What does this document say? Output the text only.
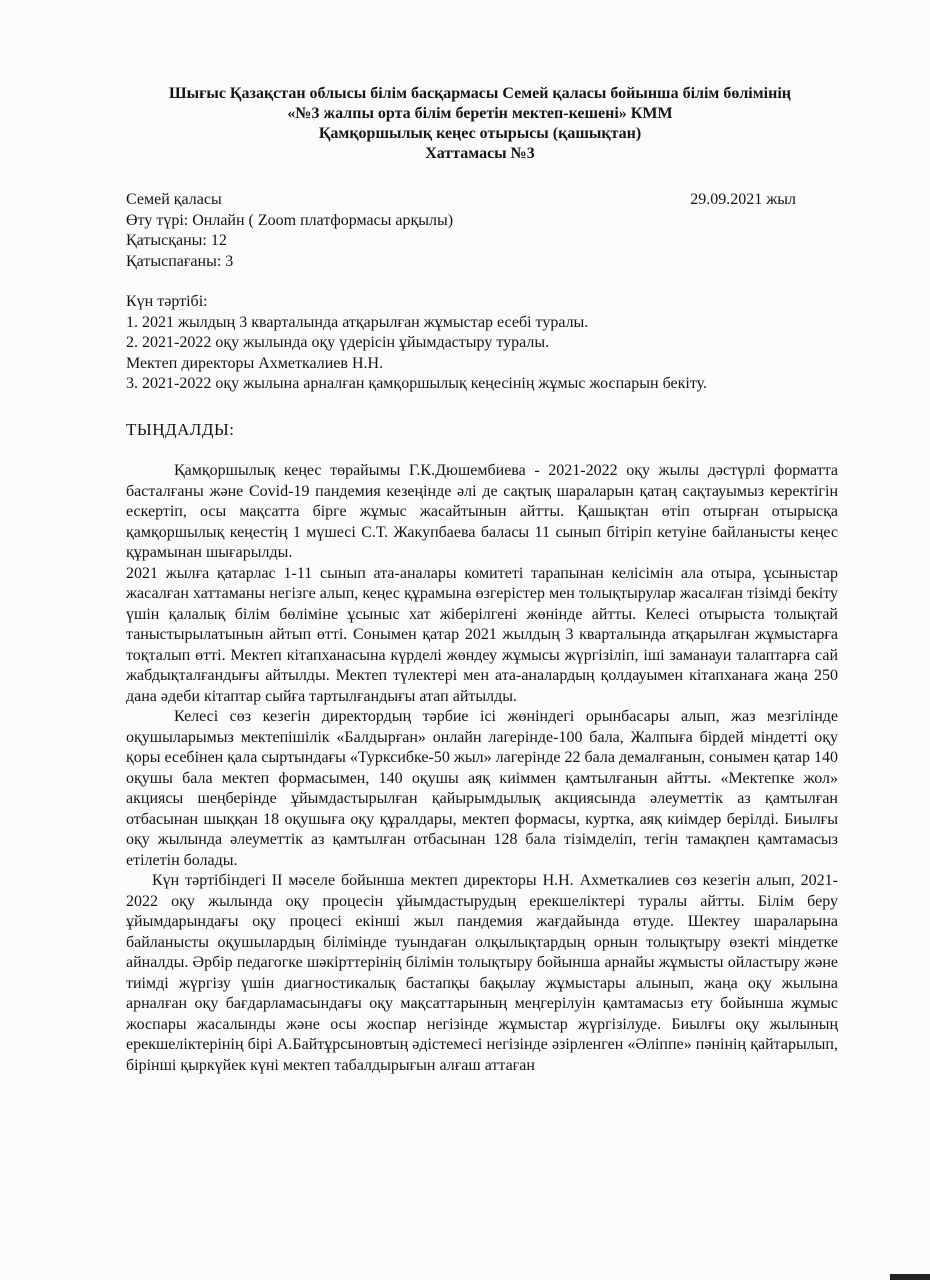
Шығыс Қазақстан облысы білім басқармасы Семей қаласы бойынша білім бөлімінің
«№3 жалпы орта білім беретін мектеп-кешені» КММ
Қамқоршылық кеңес отырысы (қашықтан)
Хаттамасы №3
Семей қаласы	29.09.2021 жыл
Өту түрі: Онлайн ( Zoom платформасы арқылы)
Қатысқаны: 12
Қатыспағаны: 3
Күн тәртібі:
1. 2021 жылдың 3 кварталында атқарылған жұмыстар есебі туралы.
2. 2021-2022 оқу жылында оқу үдерісін ұйымдастыру туралы.
Мектеп директоры Ахметкалиев Н.Н.
3. 2021-2022 оқу жылына арналған қамқоршылық кеңесінің жұмыс жоспарын бекіту.
ТЫҢДАЛДЫ:

Қамқоршылық кеңес төрайымы Г.К.Дюшембиева - 2021-2022 оқу жылы дәстүрлі форматта басталғаны және Covid-19 пандемия кезеңінде әлі де сақтық шараларын қатаң сақтауымыз керектігін ескертіп, осы мақсатта бірге жұмыс жасайтынын айтты. Қашықтан өтіп отырған отырысқа қамқоршылық кеңестің 1 мүшесі С.Т. Жакупбаева баласы 11 сынып бітіріп кетуіне байланысты кеңес құрамынан шығарылды.

2021 жылға қатарлас 1-11 сынып ата-аналары комитеті тарапынан келісімін ала отыра, ұсыныстар жасалған хаттаманы негізге алып, кеңес құрамына өзгерістер мен толықтырулар жасалған тізімді бекіту үшін қалалық білім бөліміне ұсыныс хат жіберілгені жөнінде айтты. Келесі отырыста толықтай таныстырылатынын айтып өтті. Сонымен қатар 2021 жылдың 3 кварталында атқарылған жұмыстарға тоқталып өтті. Мектеп кітапханасына күрделі жөндеу жұмысы жүргізіліп, іші заманауи талаптарға сай жабдықталғандығы айтылды. Мектеп түлектері мен ата-аналардың қолдауымен кітапханаға жаңа 250 дана әдеби кітаптар сыйға тартылғандығы атап айтылды.

Келесі сөз кезегін директордың тәрбие ісі жөніндегі орынбасары алып, жаз мезгілінде оқушыларымыз мектепішілік «Балдырған» онлайн лагерінде-100 бала, Жалпыға бірдей міндетті оқу қоры есебінен қала сыртындағы «Турксибке-50 жыл» лагерінде 22 бала демалғанын, сонымен қатар 140 оқушы бала мектеп формасымен, 140 оқушы аяқ киіммен қамтылғанын айтты. «Мектепке жол» акциясы шеңберінде ұйымдастырылған қайырымдылық акциясында әлеуметтік аз қамтылған отбасынан шыққан 18 оқушыға оқу құралдары, мектеп формасы, куртка, аяқ киімдер берілді. Биылғы оқу жылында әлеуметтік аз қамтылған отбасынан 128 бала тізімделіп, тегін тамақпен қамтамасыз етілетін болады.

Күн тәртібіндегі ІІ мәселе бойынша мектеп директоры Н.Н. Ахметкалиев сөз кезегін алып, 2021-2022 оқу жылында оқу процесін ұйымдастырудың ерекшеліктері туралы айтты. Білім беру ұйымдарындағы оқу процесі екінші жыл пандемия жағдайында өтуде. Шектеу шараларына байланысты оқушылардың білімінде туындаған олқылықтардың орнын толықтыру өзекті міндетке айналды. Әрбір педагогке шәкірттерінің білімін толықтыру бойынша арнайы жұмысты ойластыру және тиімді жүргізу үшін диагностикалық бастапқы бақылау жұмыстары алынып, жаңа оқу жылына арналған оқу бағдарламасындағы оқу мақсаттарының меңгерілуін қамтамасыз ету бойынша жұмыс жоспары жасалынды және осы жоспар негізінде жұмыстар жүргізілуде. Биылғы оқу жылының ерекшеліктерінің бірі А.Байтұрсыновтың әдістемесі негізінде әзірленген «Әліппе» пәнінің қайтарылып, бірінші қыркүйек күні мектеп табалдырығын алғаш аттаған
